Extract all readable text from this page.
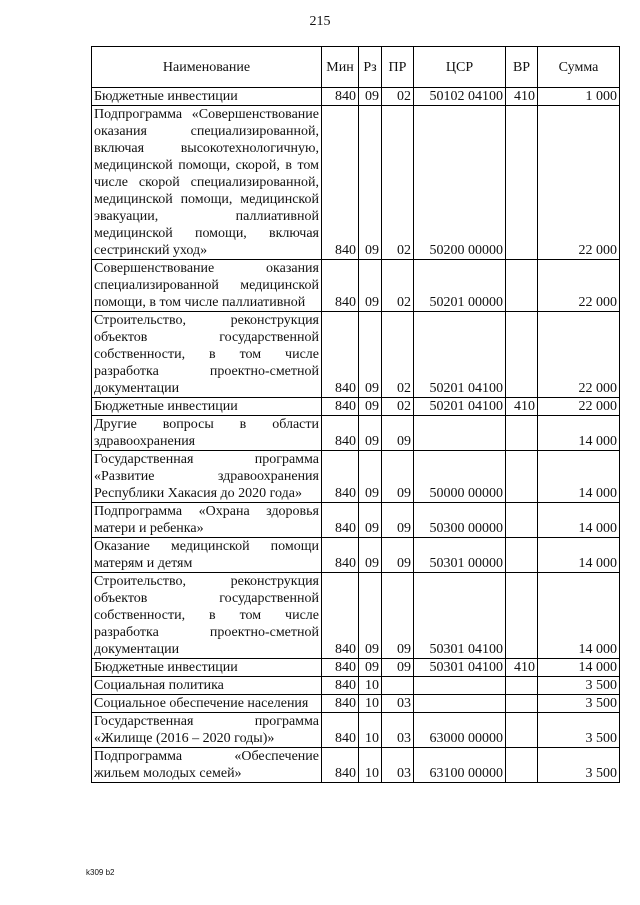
215
Наименование	Мин	Рз	ПР	ЦСР	ВР	Сумма
Бюджетные инвестиции	840	09	02	50102 04100	410	1 000
Подпрограмма «Совершенствование оказания специализированной, включая высокотехнологичную, медицинской помощи, скорой, в том числе скорой специализированной, медицинской помощи, медицинской эвакуации, паллиативной медицинской помощи, включая сестринский уход»	840	09	02	50200 00000		22 000
Совершенствование оказания специализированной медицинской помощи, в том числе паллиативной	840	09	02	50201 00000		22 000
Строительство, реконструкция объектов государственной собственности, в том числе разработка проектно-сметной документации	840	09	02	50201 04100		22 000
Бюджетные инвестиции	840	09	02	50201 04100	410	22 000
Другие вопросы в области здравоохранения	840	09	09			14 000
Государственная программа «Развитие здравоохранения Республики Хакасия до 2020 года»	840	09	09	50000 00000		14 000
Подпрограмма «Охрана здоровья матери и ребенка»	840	09	09	50300 00000		14 000
Оказание медицинской помощи матерям и детям	840	09	09	50301 00000		14 000
Строительство, реконструкция объектов государственной собственности, в том числе разработка проектно-сметной документации	840	09	09	50301 04100		14 000
Бюджетные инвестиции	840	09	09	50301 04100	410	14 000
Социальная политика	840	10				3 500
Социальное обеспечение населения	840	10	03			3 500
Государственная программа «Жилище (2016 – 2020 годы)»	840	10	03	63000 00000		3 500
Подпрограмма «Обеспечение жильем молодых семей»	840	10	03	63100 00000		3 500
k309 b2
